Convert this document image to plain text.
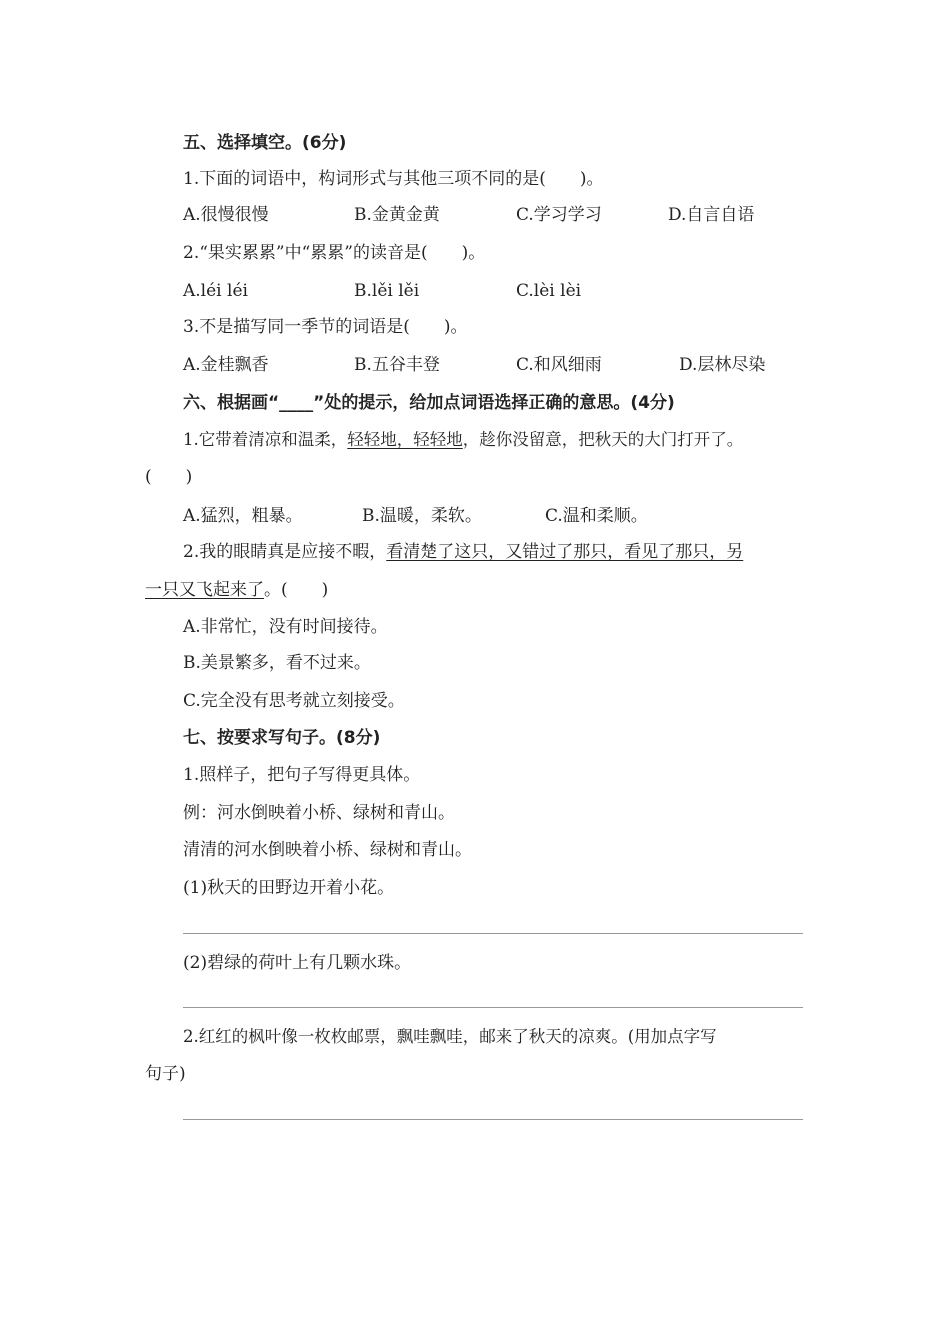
五、选择填空。(6分)
1.下面的词语中，构词形式与其他三项不同的是(　　)。
A.很慢很慢	B.金黄金黄	C.学习学习	D.自言自语
2.“果实累累”中“累累”的读音是(　　)。
A.léi léi	B.lěi lěi	C.lèi lèi
3.不是描写同一季节的词语是(　　)。
A.金桂飘香	B.五谷丰登	C.和风细雨	D.层林尽染
六、根据画“____”处的提示，给加点词语选择正确的意思。(4分)
1.它带着清凉和温柔，轻轻地，轻轻地，趁你没留意，把秋天的大门打开了。
(　　)
A.猛烈，粗暴。	B.温暖，柔软。	C.温和柔顺。
2.我的眼睛真是应接不暇，看清楚了这只，又错过了那只，看见了那只，另
一只又飞起来了。(　　)
A.非常忙，没有时间接待。
B.美景繁多，看不过来。
C.完全没有思考就立刻接受。
七、按要求写句子。(8分)
1.照样子，把句子写得更具体。
例：河水倒映着小桥、绿树和青山。
清清的河水倒映着小桥、绿树和青山。
(1)秋天的田野边开着小花。
(2)碧绿的荷叶上有几颗水珠。
2.红红的枫叶像一枚枚邮票，飘哇飘哇，邮来了秋天的凉爽。(用加点字写
句子)
